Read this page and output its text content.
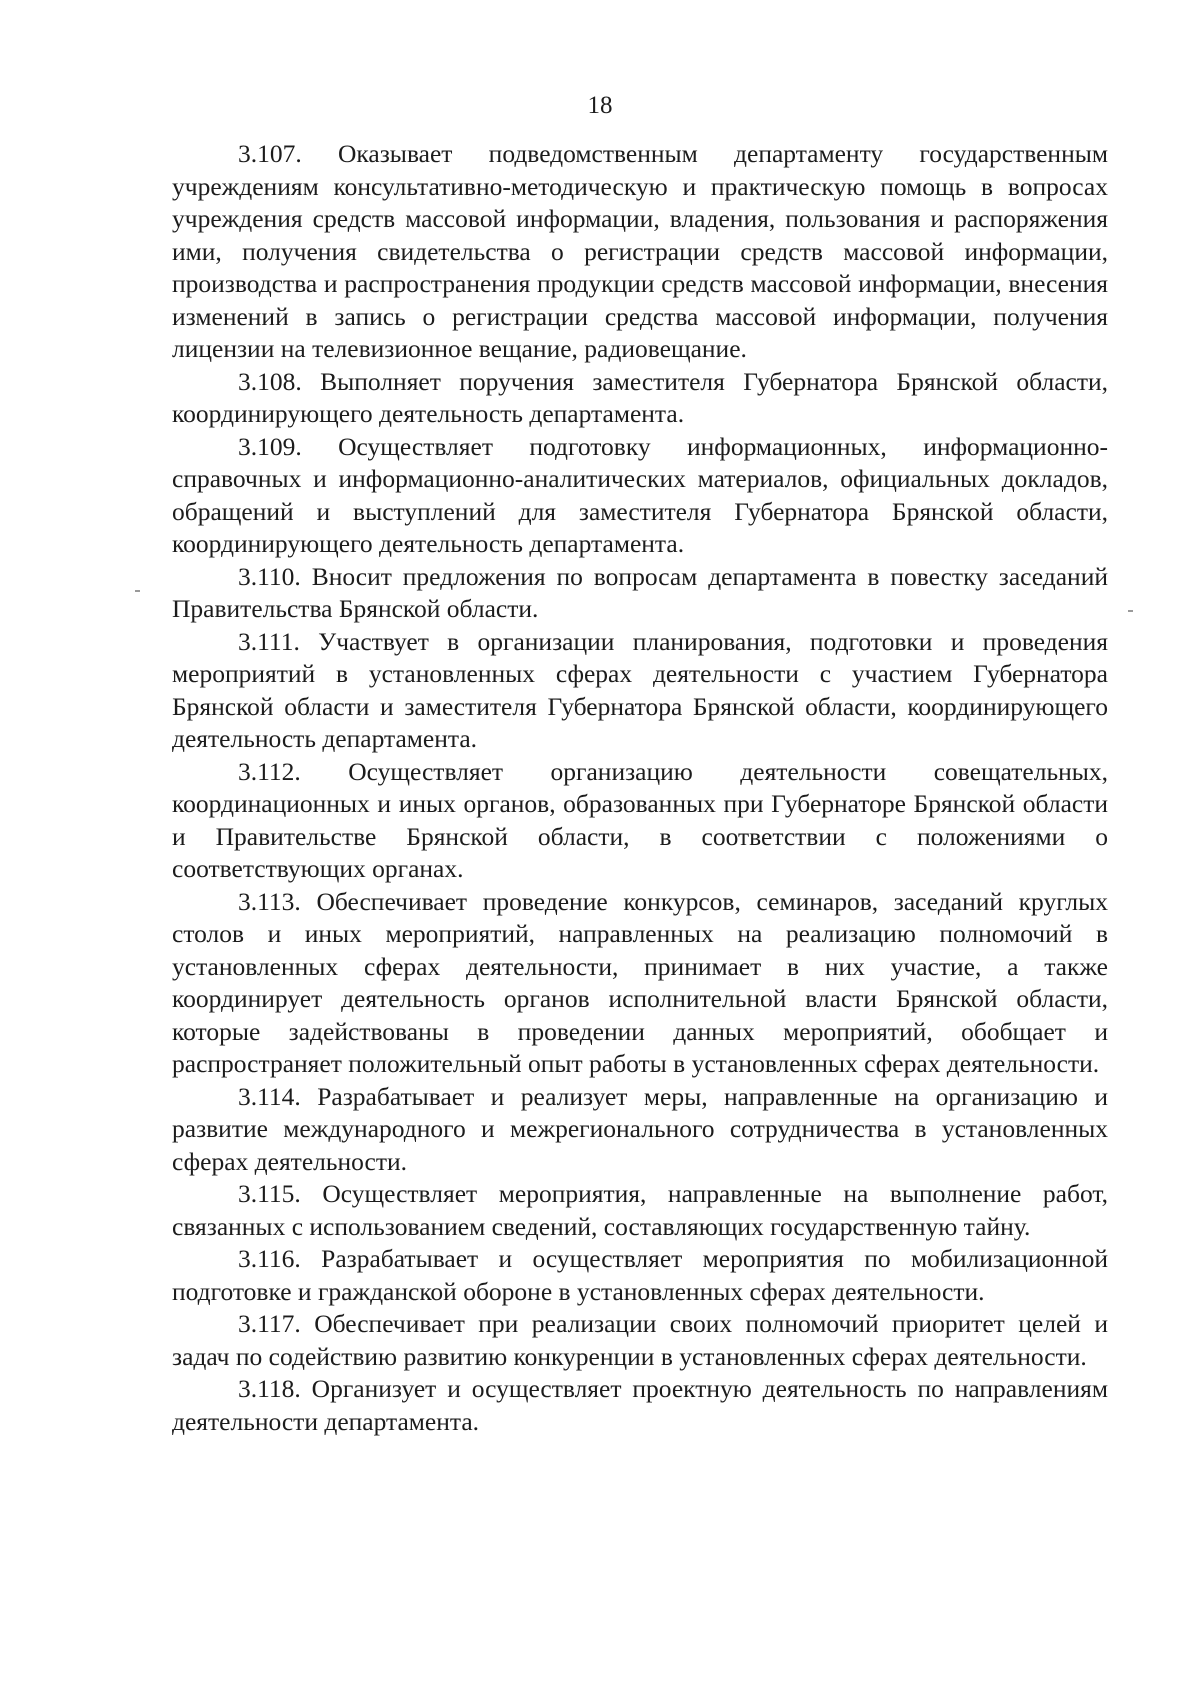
18

3.107. Оказывает подведомственным департаменту государственным учреждениям консультативно-методическую и практическую помощь в вопросах учреждения средств массовой информации, владения, пользования и распоряжения ими, получения свидетельства о регистрации средств массовой информации, производства и распространения продукции средств массовой информации, внесения изменений в запись о регистрации средства массовой информации, получения лицензии на телевизионное вещание, радиовещание.

3.108. Выполняет поручения заместителя Губернатора Брянской области, координирующего деятельность департамента.

3.109. Осуществляет подготовку информационных, информационно-справочных и информационно-аналитических материалов, официальных докладов, обращений и выступлений для заместителя Губернатора Брянской области, координирующего деятельность департамента.

3.110. Вносит предложения по вопросам департамента в повестку заседаний Правительства Брянской области.

3.111. Участвует в организации планирования, подготовки и проведения мероприятий в установленных сферах деятельности с участием Губернатора Брянской области и заместителя Губернатора Брянской области, координирующего деятельность департамента.

3.112. Осуществляет организацию деятельности совещательных, координационных и иных органов, образованных при Губернаторе Брянской области и Правительстве Брянской области, в соответствии с положениями о соответствующих органах.

3.113. Обеспечивает проведение конкурсов, семинаров, заседаний круглых столов и иных мероприятий, направленных на реализацию полномочий в установленных сферах деятельности, принимает в них участие, а также координирует деятельность органов исполнительной власти Брянской области, которые задействованы в проведении данных мероприятий, обобщает и распространяет положительный опыт работы в установленных сферах деятельности.

3.114. Разрабатывает и реализует меры, направленные на организацию и развитие международного и межрегионального сотрудничества в установленных сферах деятельности.

3.115. Осуществляет мероприятия, направленные на выполнение работ, связанных с использованием сведений, составляющих государственную тайну.

3.116. Разрабатывает и осуществляет мероприятия по мобилизационной подготовке и гражданской обороне в установленных сферах деятельности.

3.117. Обеспечивает при реализации своих полномочий приоритет целей и задач по содействию развитию конкуренции в установленных сферах деятельности.

3.118. Организует и осуществляет проектную деятельность по направлениям деятельности департамента.
